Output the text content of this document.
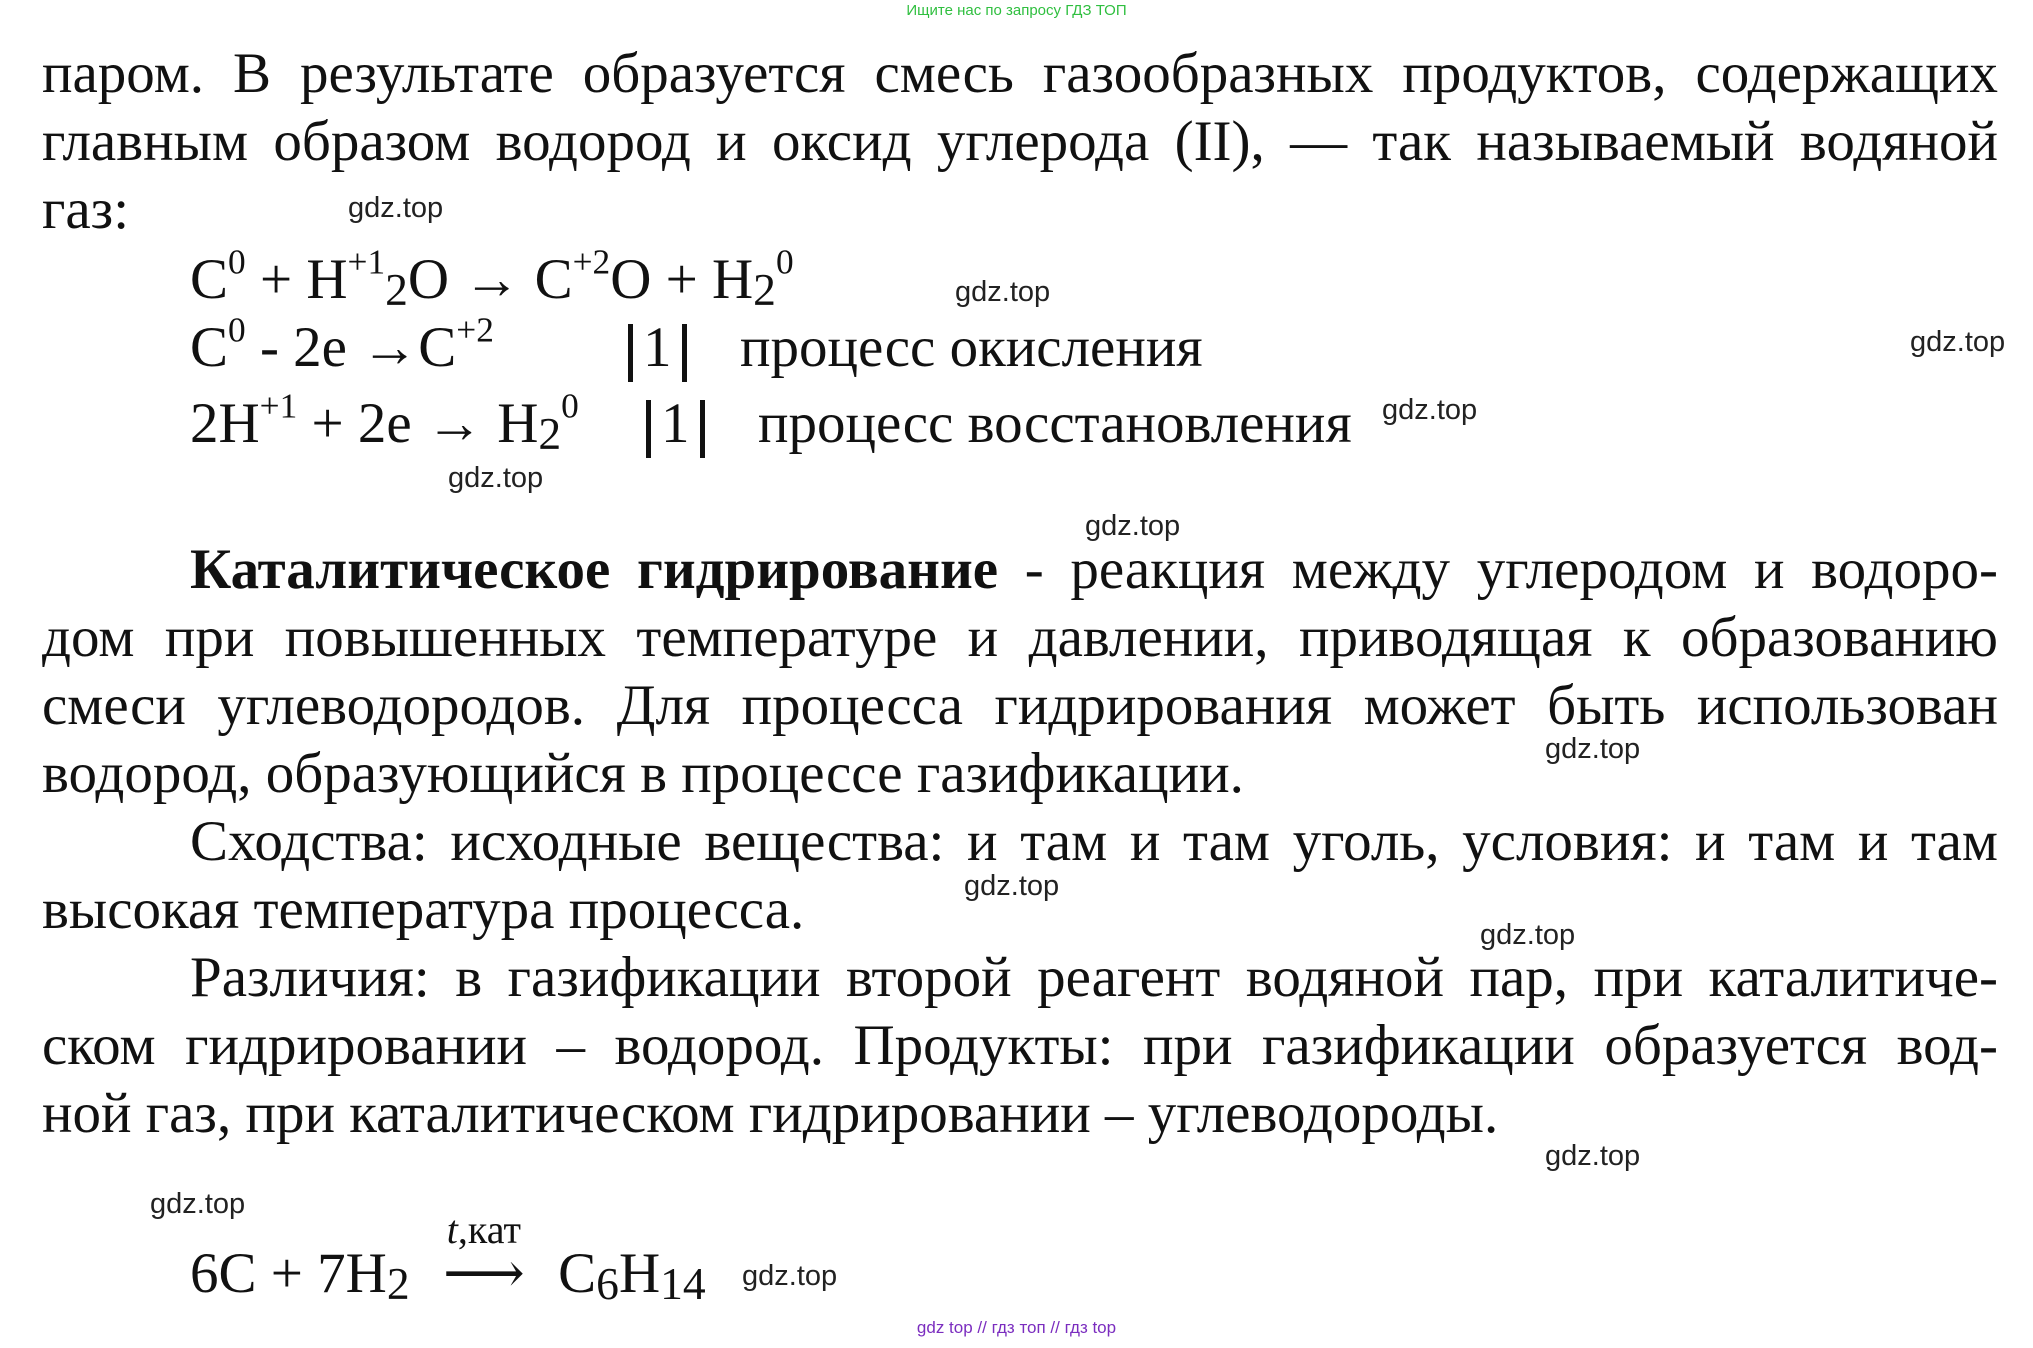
Ищите нас по запросу ГДЗ ТОП
паром. В результате образуется смесь газообразных продуктов, содержащих
главным образом водород и оксид углерода (II), — так называемый водяной
газ:
$C^0 + H^{+1}_2O \to C^{+2}O + H_2^0$
$C^0 - 2e \to C^{+2}$	1	процесс окисления
$2H^{+1} + 2e \to H_2^0$	1	процесс восстановления
Каталитическое гидрирование - реакция между углеродом и водоро-
дом при повышенных температуре и давлении, приводящая к образованию
смеси углеводородов. Для процесса гидрирования может быть использован
водород, образующийся в процессе газификации.
Сходства: исходные вещества: и там и там уголь, условия: и там и там
высокая температура процесса.
Различия: в газификации второй реагент водяной пар, при каталитиче-
ском гидрировании – водород. Продукты: при газификации образуется вод-
ной газ, при каталитическом гидрировании – углеводороды.
$6C + 7H_2$
t,кат
⟶ $C_6H_{14}$
gdz.top
gdz.top
gdz.top
gdz.top
gdz.top
gdz.top
gdz.top
gdz.top
gdz.top
gdz.top
gdz.top
gdz.top
gdz top // гдз топ // гдз top
